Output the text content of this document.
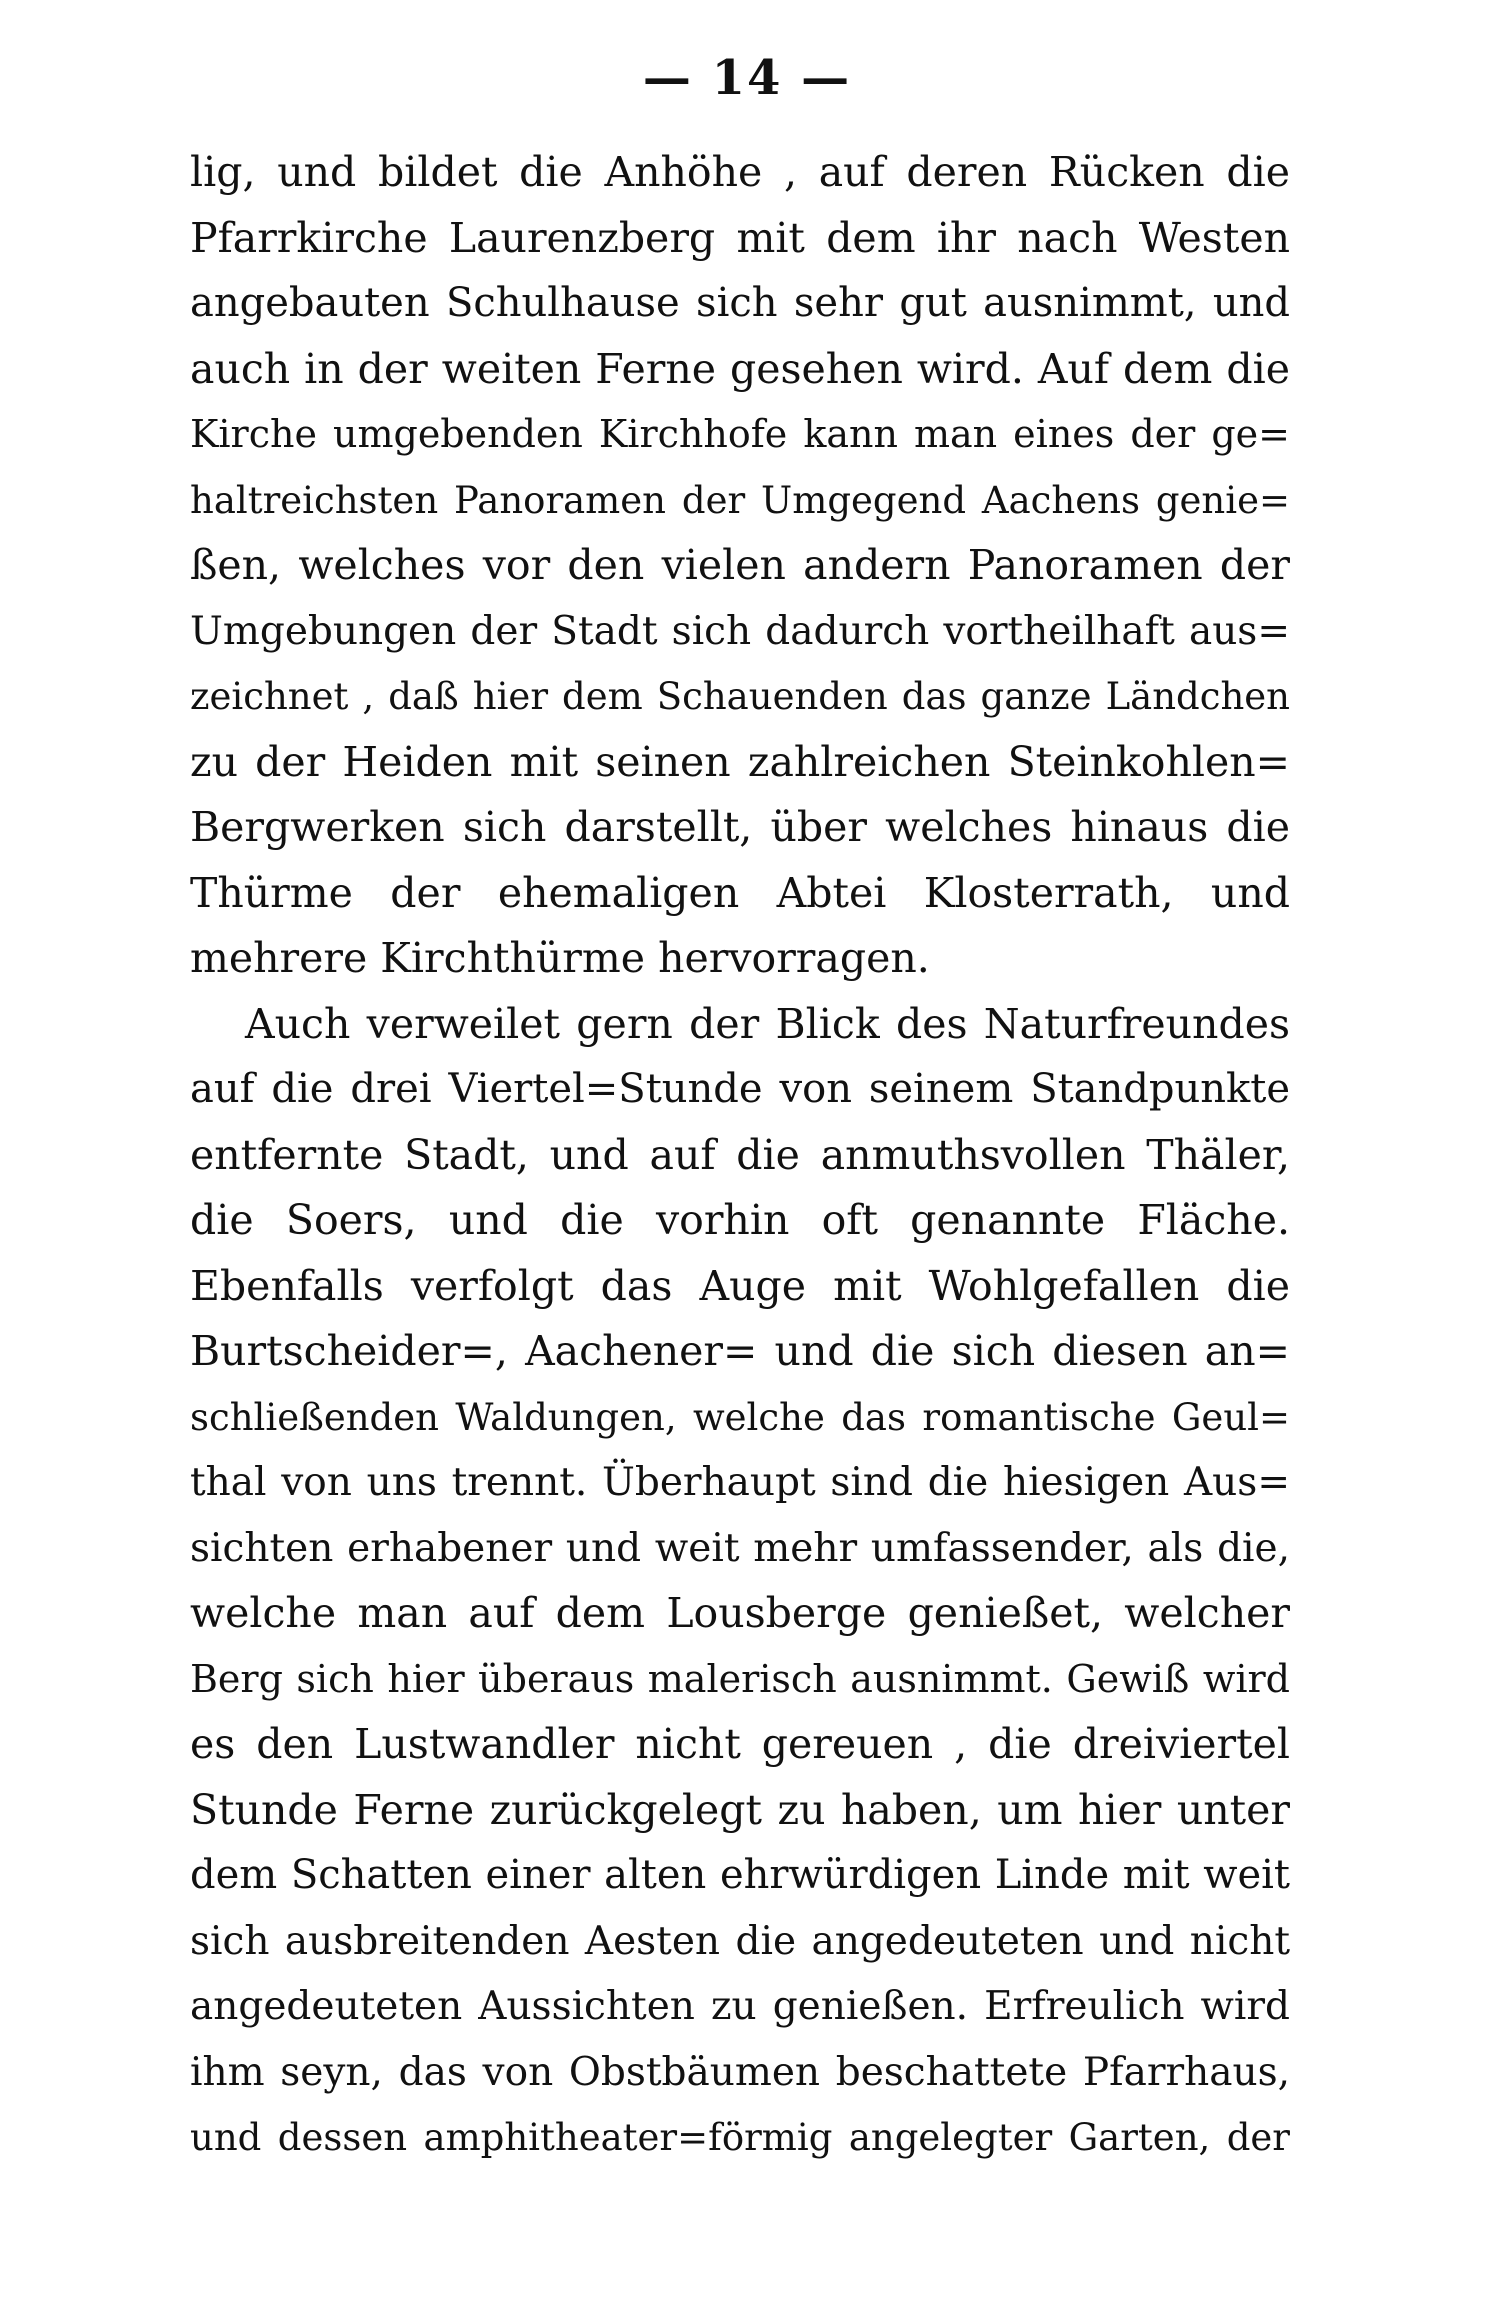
— 14 —
lig, und bildet die Anhöhe , auf deren Rücken die
Pfarrkirche Laurenzberg mit dem ihr nach Westen
angebauten Schulhause sich sehr gut ausnimmt, und
auch in der weiten Ferne gesehen wird. Auf dem die
Kirche umgebenden Kirchhofe kann man eines der ge=
haltreichsten Panoramen der Umgegend Aachens genie=
ßen, welches vor den vielen andern Panoramen der
Umgebungen der Stadt sich dadurch vortheilhaft aus=
zeichnet , daß hier dem Schauenden das ganze Ländchen
zu der Heiden mit seinen zahlreichen Steinkohlen=
Bergwerken sich darstellt, über welches hinaus die
Thürme der ehemaligen Abtei Klosterrath, und
mehrere Kirchthürme hervorragen.
Auch verweilet gern der Blick des Naturfreundes
auf die drei Viertel=Stunde von seinem Standpunkte
entfernte Stadt, und auf die anmuthsvollen Thäler,
die Soers, und die vorhin oft genannte Fläche.
Ebenfalls verfolgt das Auge mit Wohlgefallen die
Burtscheider=, Aachener= und die sich diesen an=
schließenden Waldungen, welche das romantische Geul=
thal von uns trennt. Überhaupt sind die hiesigen Aus=
sichten erhabener und weit mehr umfassender, als die,
welche man auf dem Lousberge genießet, welcher
Berg sich hier überaus malerisch ausnimmt. Gewiß wird
es den Lustwandler nicht gereuen , die dreiviertel
Stunde Ferne zurückgelegt zu haben, um hier unter
dem Schatten einer alten ehrwürdigen Linde mit weit
sich ausbreitenden Aesten die angedeuteten und nicht
angedeuteten Aussichten zu genießen. Erfreulich wird
ihm seyn, das von Obstbäumen beschattete Pfarrhaus,
und dessen amphitheater=förmig angelegter Garten, der
